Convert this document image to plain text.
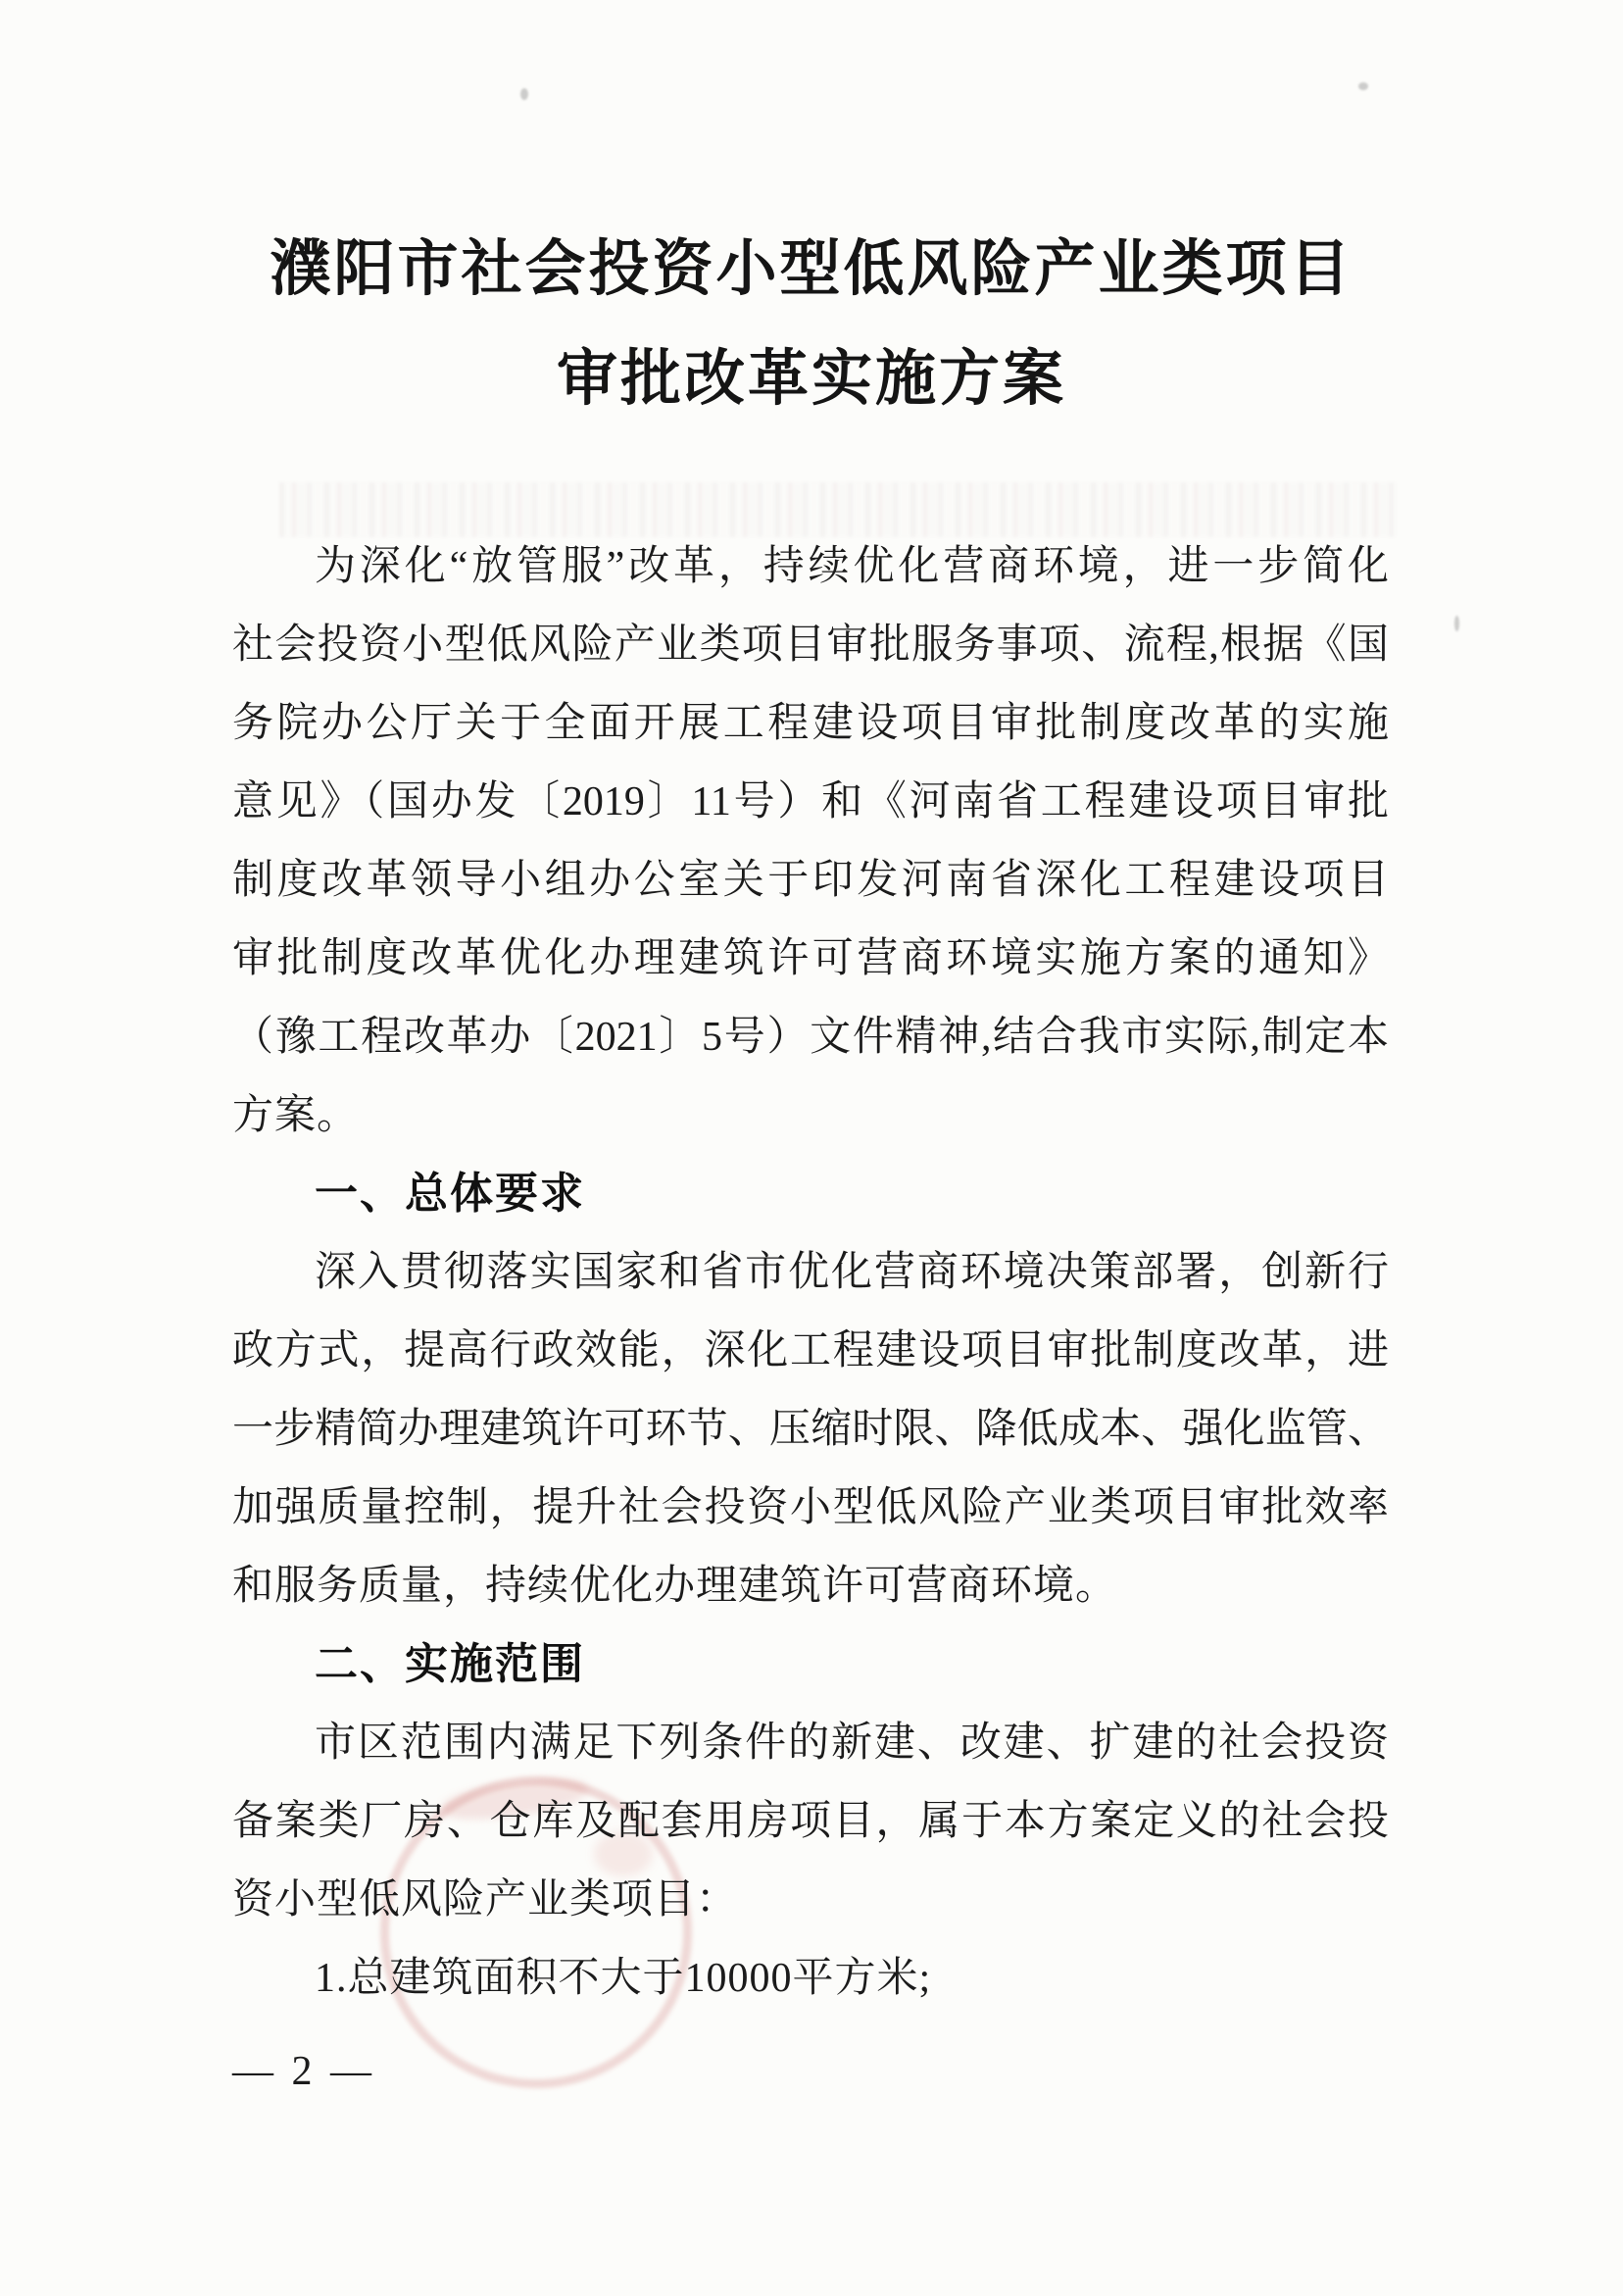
濮阳市社会投资小型低风险产业类项目
审批改革实施方案
为深化“放管服”改革，持续优化营商环境，进一步简化
社会投资小型低风险产业类项目审批服务事项、流程,根据《国
务院办公厅关于全面开展工程建设项目审批制度改革的实施
意见》（国办发〔2019〕11号）和《河南省工程建设项目审批
制度改革领导小组办公室关于印发河南省深化工程建设项目
审批制度改革优化办理建筑许可营商环境实施方案的通知》
（豫工程改革办〔2021〕5号）文件精神,结合我市实际,制定本
方案。
一、总体要求
深入贯彻落实国家和省市优化营商环境决策部署，创新行
政方式，提高行政效能，深化工程建设项目审批制度改革，进
一步精简办理建筑许可环节、压缩时限、降低成本、强化监管、
加强质量控制，提升社会投资小型低风险产业类项目审批效率
和服务质量，持续优化办理建筑许可营商环境。
二、实施范围
市区范围内满足下列条件的新建、改建、扩建的社会投资
备案类厂房、仓库及配套用房项目，属于本方案定义的社会投
资小型低风险产业类项目：
1.总建筑面积不大于10000平方米;
— 2 —
